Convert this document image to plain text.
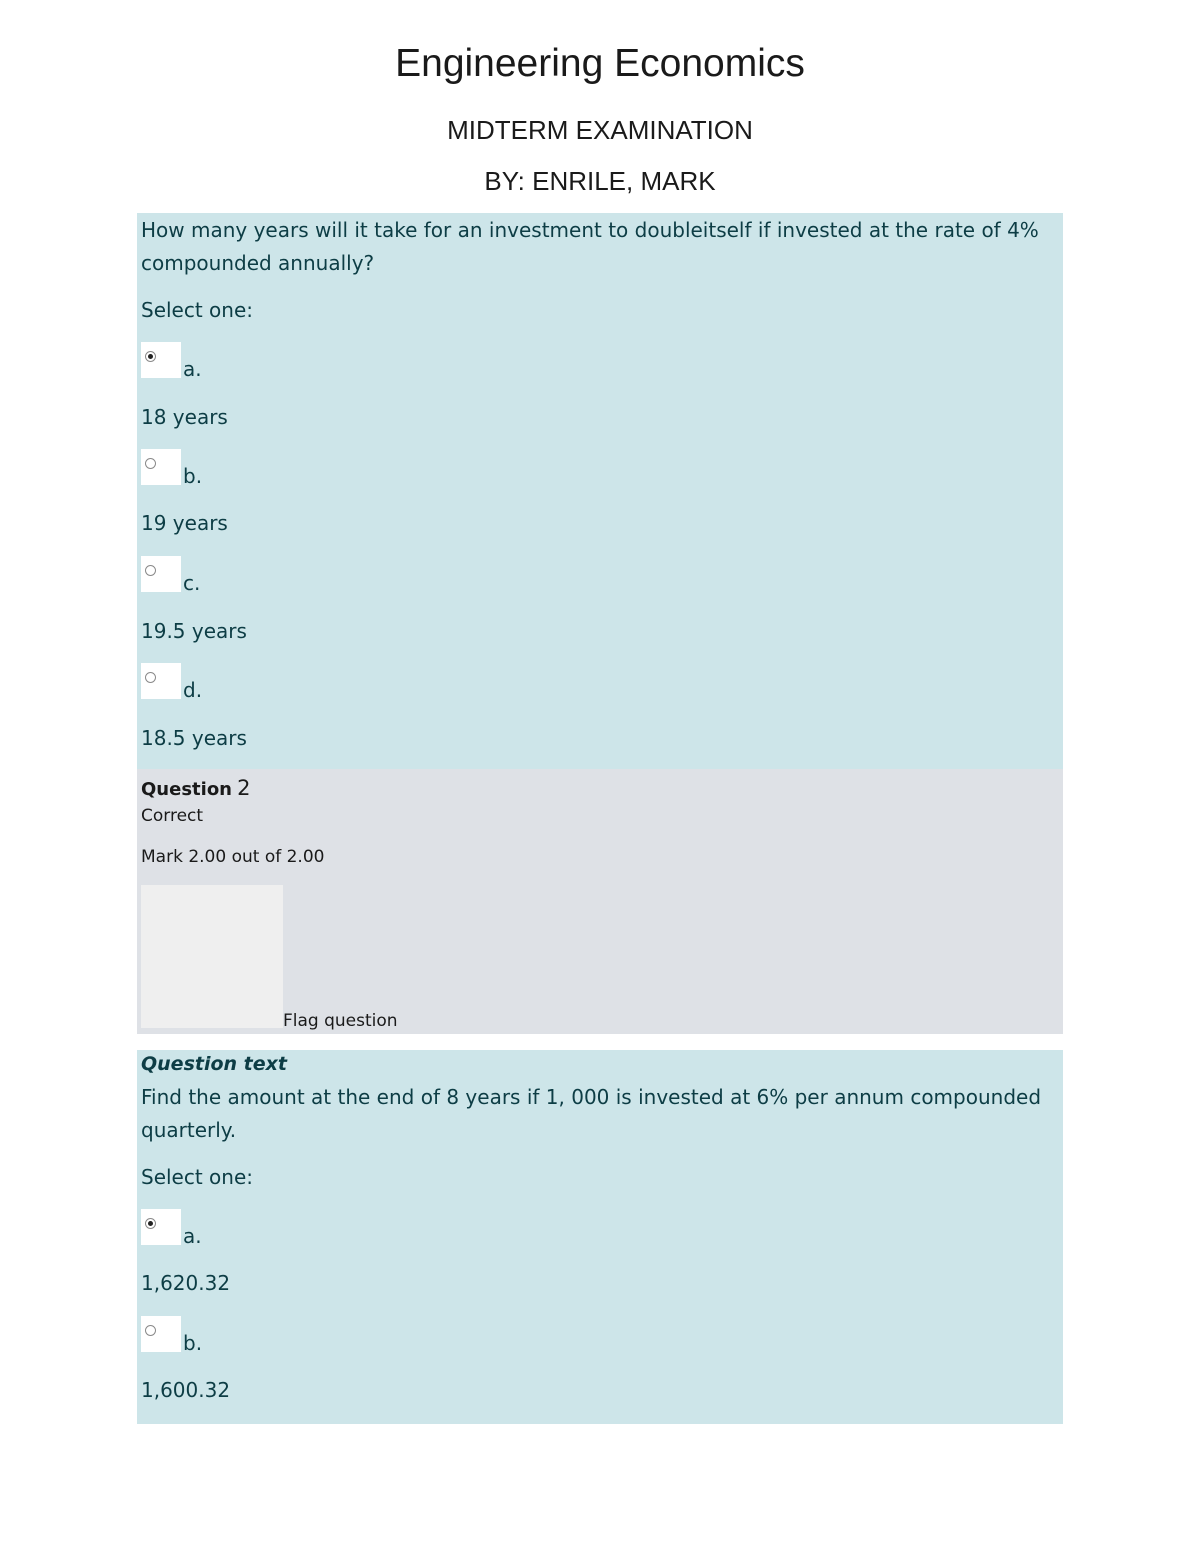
Engineering Economics
MIDTERM EXAMINATION
BY: ENRILE, MARK
How many years will it take for an investment to doubleitself if invested at the rate of 4% compounded annually?
Select one:
a.
18 years
b.
19 years
c.
19.5 years
d.
18.5 years
Question 2
Correct
Mark 2.00 out of 2.00
Flag question
Question text
Find the amount at the end of 8 years if 1, 000 is invested at 6% per annum compounded quarterly.
Select one:
a.
1,620.32
b.
1,600.32
